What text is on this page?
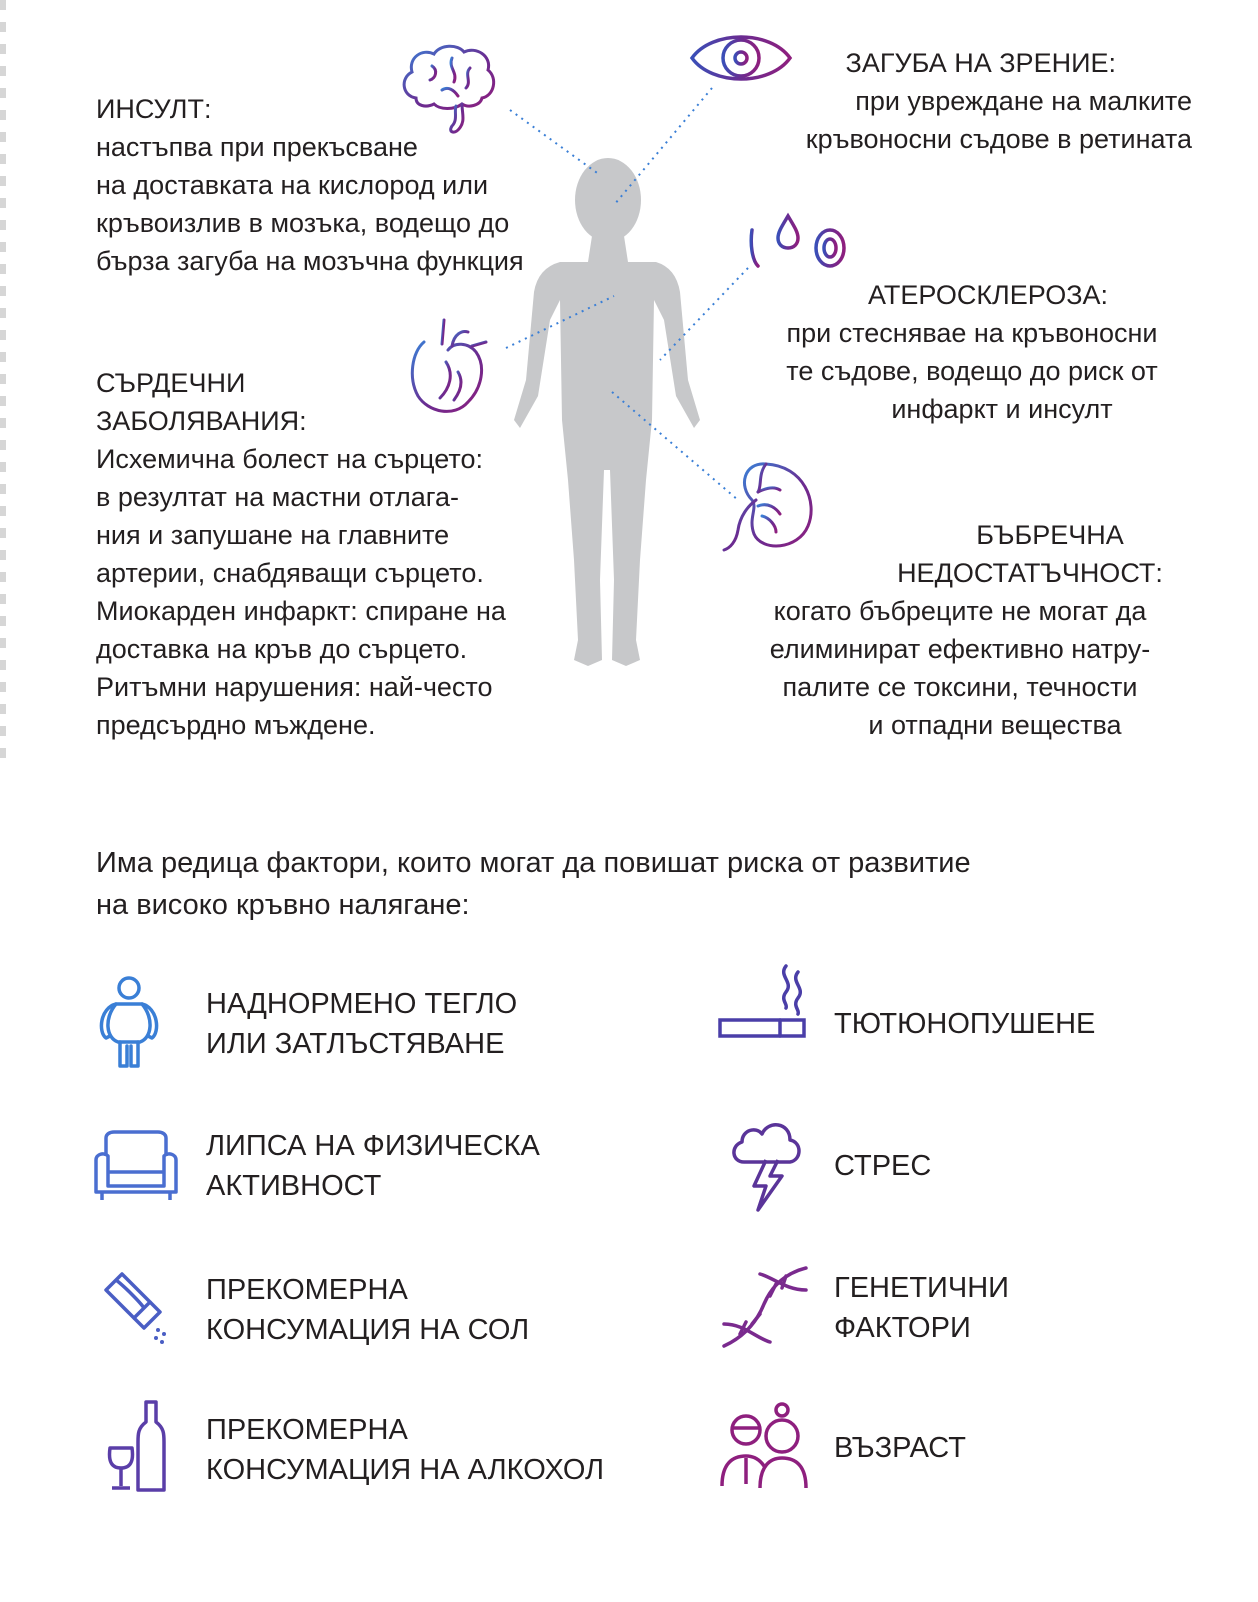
ИНСУЛТ:
настъпва при прекъсване
на доставката на кислород или
кръвоизлив в мозъка, водещо до
бърза загуба на мозъчна функция
СЪРДЕЧНИ
ЗАБОЛЯВАНИЯ:
Исхемична болест на сърцето:
в резултат на мастни отлага-
ния и запушане на главните
артерии, снабдяващи сърцето.
Миокарден инфаркт: спиране на
доставка на кръв до сърцето.
Ритъмни нарушения: най-често
предсърдно мъждене.
ЗАГУБА НА ЗРЕНИЕ:
при увреждане на малките
кръвоносни съдове в ретината
АТЕРОСКЛЕРОЗА:
при стеснявае на кръвоносни
те съдове, водещо до риск от
инфаркт и инсулт
БЪБРЕЧНА
НЕДОСТАТЪЧНОСТ:
когато бъбреците не могат да
елиминират ефективно натру-
палите се токсини, течности
и отпадни вещества
Има редица фактори, които могат да повишат риска от развитие
на високо кръвно налягане:
НАДНОРМЕНО ТЕГЛО
ИЛИ ЗАТЛЪСТЯВАНЕ
ЛИПСА НА ФИЗИЧЕСКА
АКТИВНОСТ
ПРЕКОМЕРНА
КОНСУМАЦИЯ НА СОЛ
ПРЕКОМЕРНА
КОНСУМАЦИЯ НА АЛКОХОЛ
ТЮТЮНОПУШЕНЕ
СТРЕС
ГЕНЕТИЧНИ
ФАКТОРИ
ВЪЗРАСТ
